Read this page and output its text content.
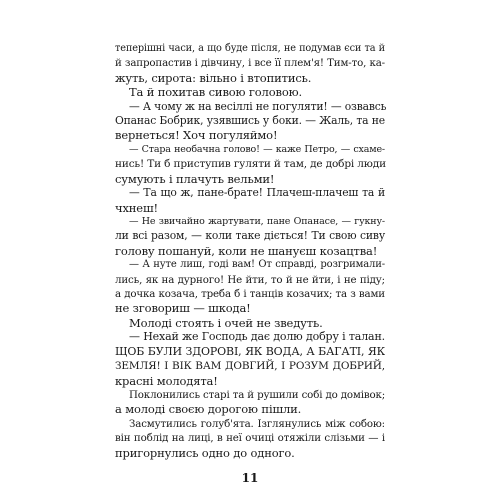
теперішні часи, а що буде після, не подумав єси та й
й запропастив і дівчину, і все її плем'я! Тим-то, ка-
жуть, сирота: вільно і втопитись.
Та й похитав сивою головою.
— А чому ж на весіллі не погуляти! — озвавсь
Опанас Бобрик, узявшись у боки. — Жаль, та не
вернеться! Хоч погуляймо!
— Стара необачна голово! — каже Петро, — схаме-
нись! Ти б приступив гуляти й там, де добрі люди
сумують і плачуть вельми!
— Та що ж, пане-брате! Плачеш-плачеш та й
чхнеш!
— Не звичайно жартувати, пане Опанасе, — гукну-
ли всі разом, — коли таке діється! Ти свою сиву
голову пошануй, коли не шануєш козацтва!
— А нуте лиш, годі вам! От справді, розгримали-
лись, як на дурного! Не йти, то й не йти, і не піду;
а дочка козача, треба б і танців козачих; та з вами
не зговориш — шкода!
Молоді стоять і очей не зведуть.
— Нехай же Господь дає долю добру і талан.
ЩОБ БУЛИ ЗДОРОВІ, ЯК ВОДА, А БАГАТІ, ЯК
ЗЕМЛЯ! І ВІК ВАМ ДОВГИЙ, І РОЗУМ ДОБРИЙ,
красні молодята!
Поклонились старі та й рушили собі до домівок;
а молоді своєю дорогою пішли.
Засмутились голуб'ята. Ізглянулись між собою:
він поблід на лиці, в неї очиці отяжіли слізьми — і
пригорнулись одно до одного.
11
